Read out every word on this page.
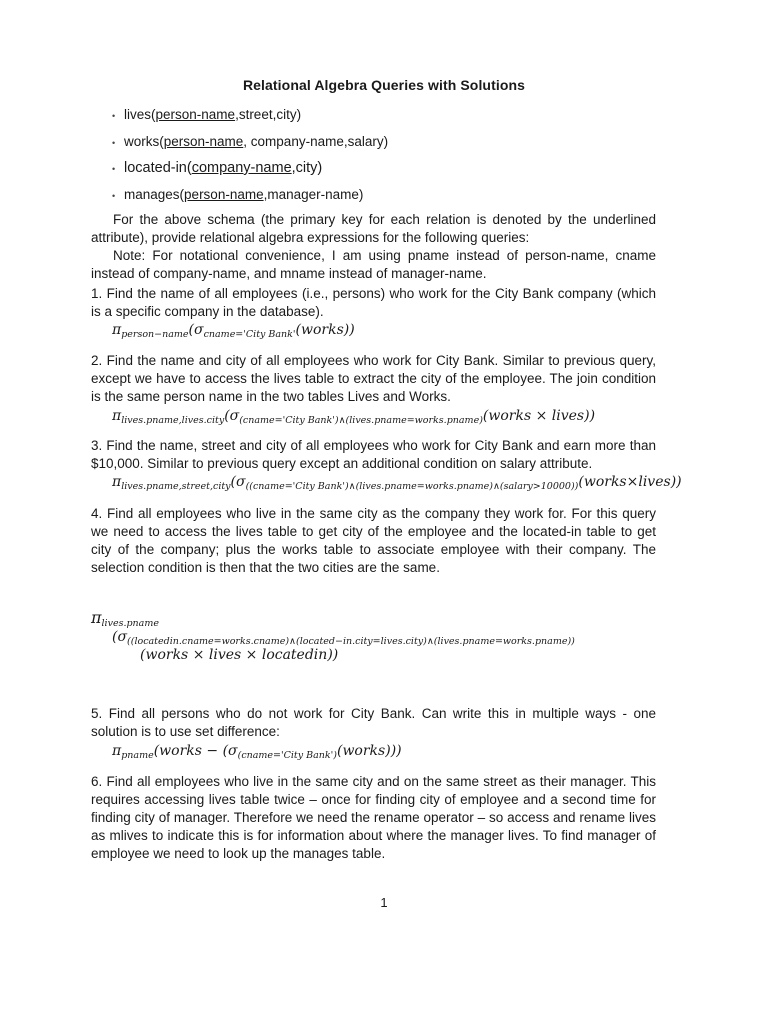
Relational Algebra Queries with Solutions
• lives( person-name ,street,city)
• works( person-name , company-name,salary)
• located-in( company-name ,city)
• manages( person-name ,manager-name)

For the above schema (the primary key for each relation is denoted by the underlined attribute), provide relational algebra expressions for the following queries:

Note: For notational convenience, I am using pname instead of person-name, cname instead of company-name, and mname instead of manager-name.

1. Find the name of all employees (i.e., persons) who work for the City Bank company (which is a specific company in the database).
$\pi_{person-name}(\sigma_{cname='City Bank'}(works))$
2. Find the name and city of all employees who work for City Bank. Similar to previous query, except we have to access the lives table to extract the city of the employee. The join condition is the same person name in the two tables Lives and Works.
$\pi_{lives.pname,lives.city}(\sigma_{(cname='City Bank')\wedge(lives.pname=works.pname)}(works$ × lives))
3. Find the name, street and city of all employees who work for City Bank and earn more than $10,000. Similar to previous query except an additional condition on salary attribute.
$\pi_{lives.pname,street,city}(\sigma_{((cname='City Bank')\wedge(lives.pname=works.pname)\wedge(salary>10000))}(works\times lives))$
4. Find all employees who live in the same city as the company they work for. For this query we need to access the lives table to get city of the employee and the located-in table to get city of the company; plus the works table to associate employee with their company. The selection condition is then that the two cities are the same.
$\pi_{lives.pname}$
($\sigma_{((locatedin.cname=works.cname)\wedge(located-in.city=lives.city)\wedge(lives.pname=works.pname))}$
(works × lives × locatedin))
5. Find all persons who do not work for City Bank. Can write this in multiple ways - one solution is to use set difference:
$\pi_{pname}(works$ − $(\sigma_{(cname='City Bank')}(works))$)
6. Find all employees who live in the same city and on the same street as their manager. This requires accessing lives table twice – once for finding city of employee and a second time for finding city of manager. Therefore we need the rename operator – so access and rename lives as mlives to indicate this is for information about where the manager lives. To find manager of employee we need to look up the manages table.
1
